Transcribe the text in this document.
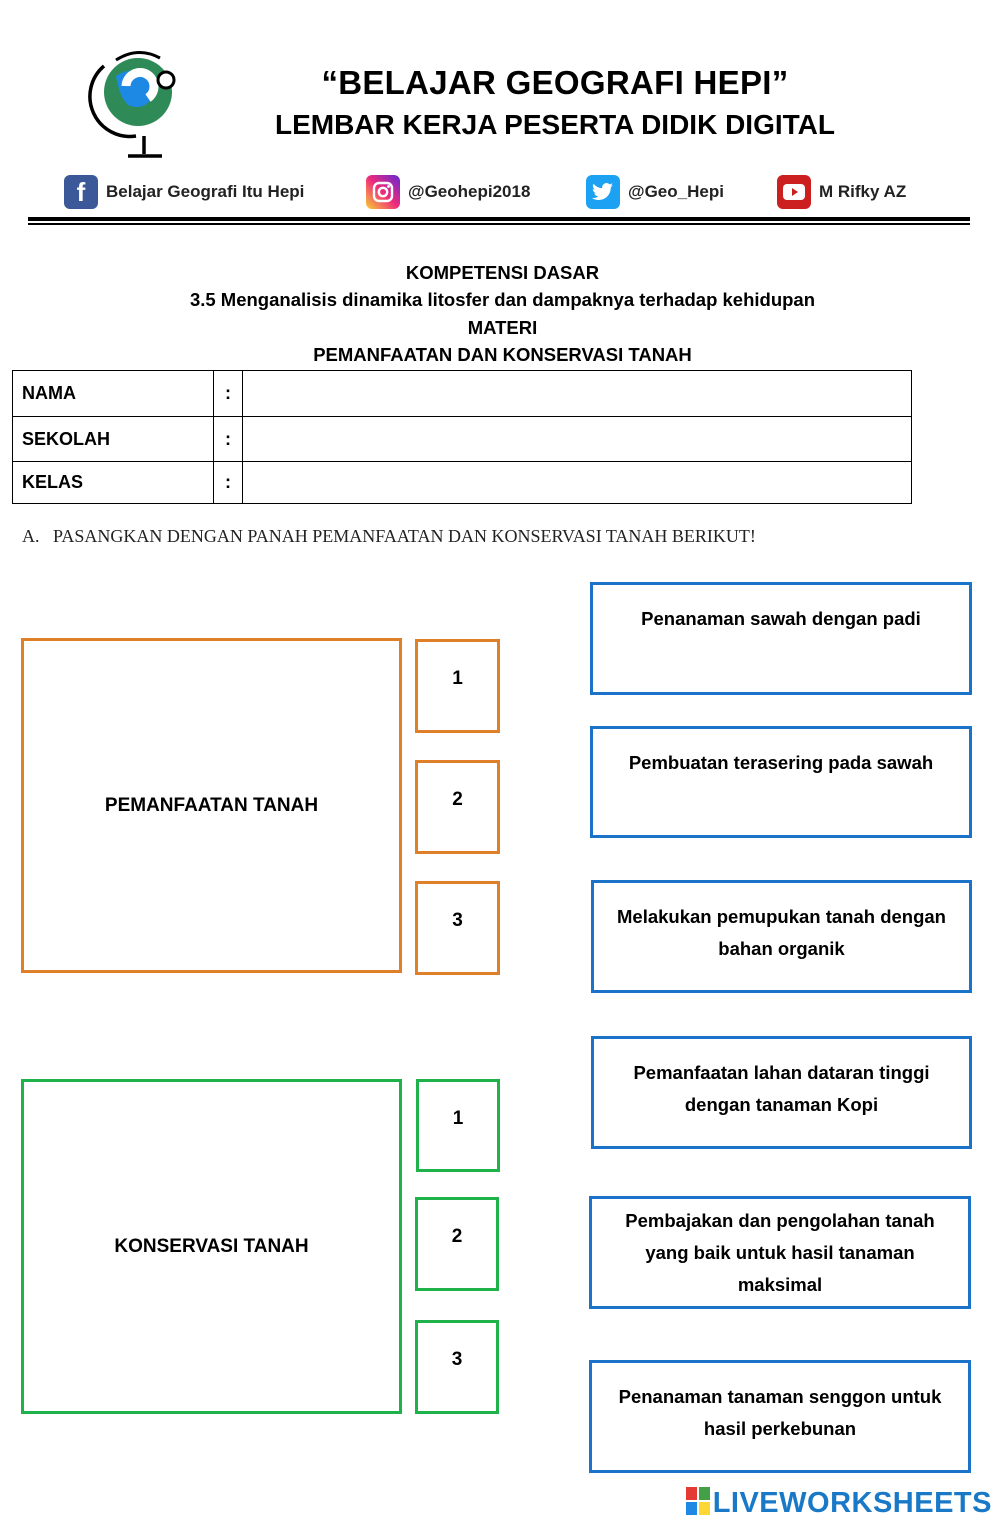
“BELAJAR GEOGRAFI HEPI”
LEMBAR KERJA PESERTA DIDIK DIGITAL
f	Belajar Geografi Itu Hepi	@Geohepi2018	@Geo_Hepi	M Rifky AZ
KOMPETENSI DASAR
3.5 Menganalisis dinamika litosfer dan dampaknya terhadap kehidupan
MATERI
PEMANFAATAN DAN KONSERVASI TANAH
NAMA	:	
SEKOLAH	:	
KELAS	:	
A.   PASANGKAN DENGAN PANAH PEMANFAATAN DAN KONSERVASI TANAH BERIKUT!
PEMANFAATAN TANAH
1
2
3
KONSERVASI TANAH
1
2
3
Penanaman sawah dengan padi
Pembuatan terasering pada sawah
Melakukan pemupukan tanah dengan bahan organik
Pemanfaatan lahan dataran tinggi dengan tanaman Kopi
Pembajakan dan pengolahan tanah yang baik untuk hasil tanaman maksimal
Penanaman tanaman senggon untuk hasil perkebunan
LIVEWORKSHEETS
